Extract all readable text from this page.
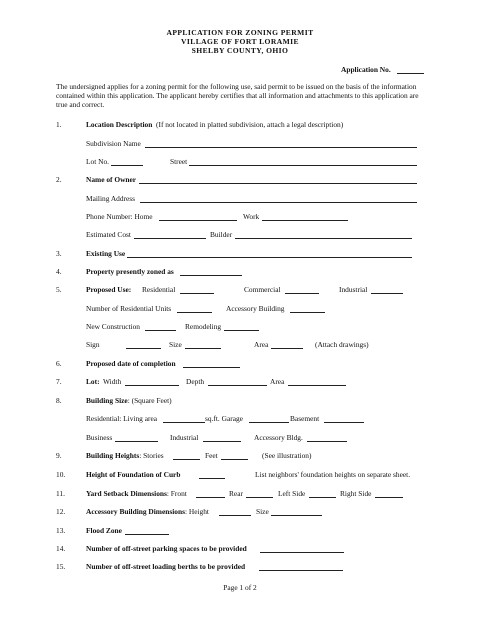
APPLICATION FOR ZONING PERMIT
VILLAGE OF FORT LORAMIE
SHELBY COUNTY, OHIO
Application No.
The undersigned applies for a zoning permit for the following use, said permit to be issued on the basis of the information contained within this application. The applicant hereby certifies that all information and attachments to this application are true and correct.
1.	Location Description (If not located in platted subdivision, attach a legal description)
Subdivision Name
Lot No.	Street
2.	Name of Owner
Mailing Address
Phone Number: Home	Work
Estimated Cost	Builder
3.	Existing Use
4.	Property presently zoned as
5.	Proposed Use: Residential	Commercial	Industrial
Number of Residential Units	Accessory Building
New Construction	Remodeling
Sign	Size	Area	(Attach drawings)
6.	Proposed date of completion
7.	Lot: Width	Depth	Area
8.	Building Size: (Square Feet)
Residential: Living area	sq.ft. Garage	Basement
Business	Industrial	Accessory Bldg.
9.	Building Heights: Stories	Feet	(See illustration)
10.	Height of Foundation of Curb	List neighbors' foundation heights on separate sheet.
11.	Yard Setback Dimensions: Front	Rear	Left Side	Right Side
12.	Accessory Building Dimensions: Height	Size
13.	Flood Zone
14.	Number of off-street parking spaces to be provided
15.	Number of off-street loading berths to be provided
Page 1 of 2
